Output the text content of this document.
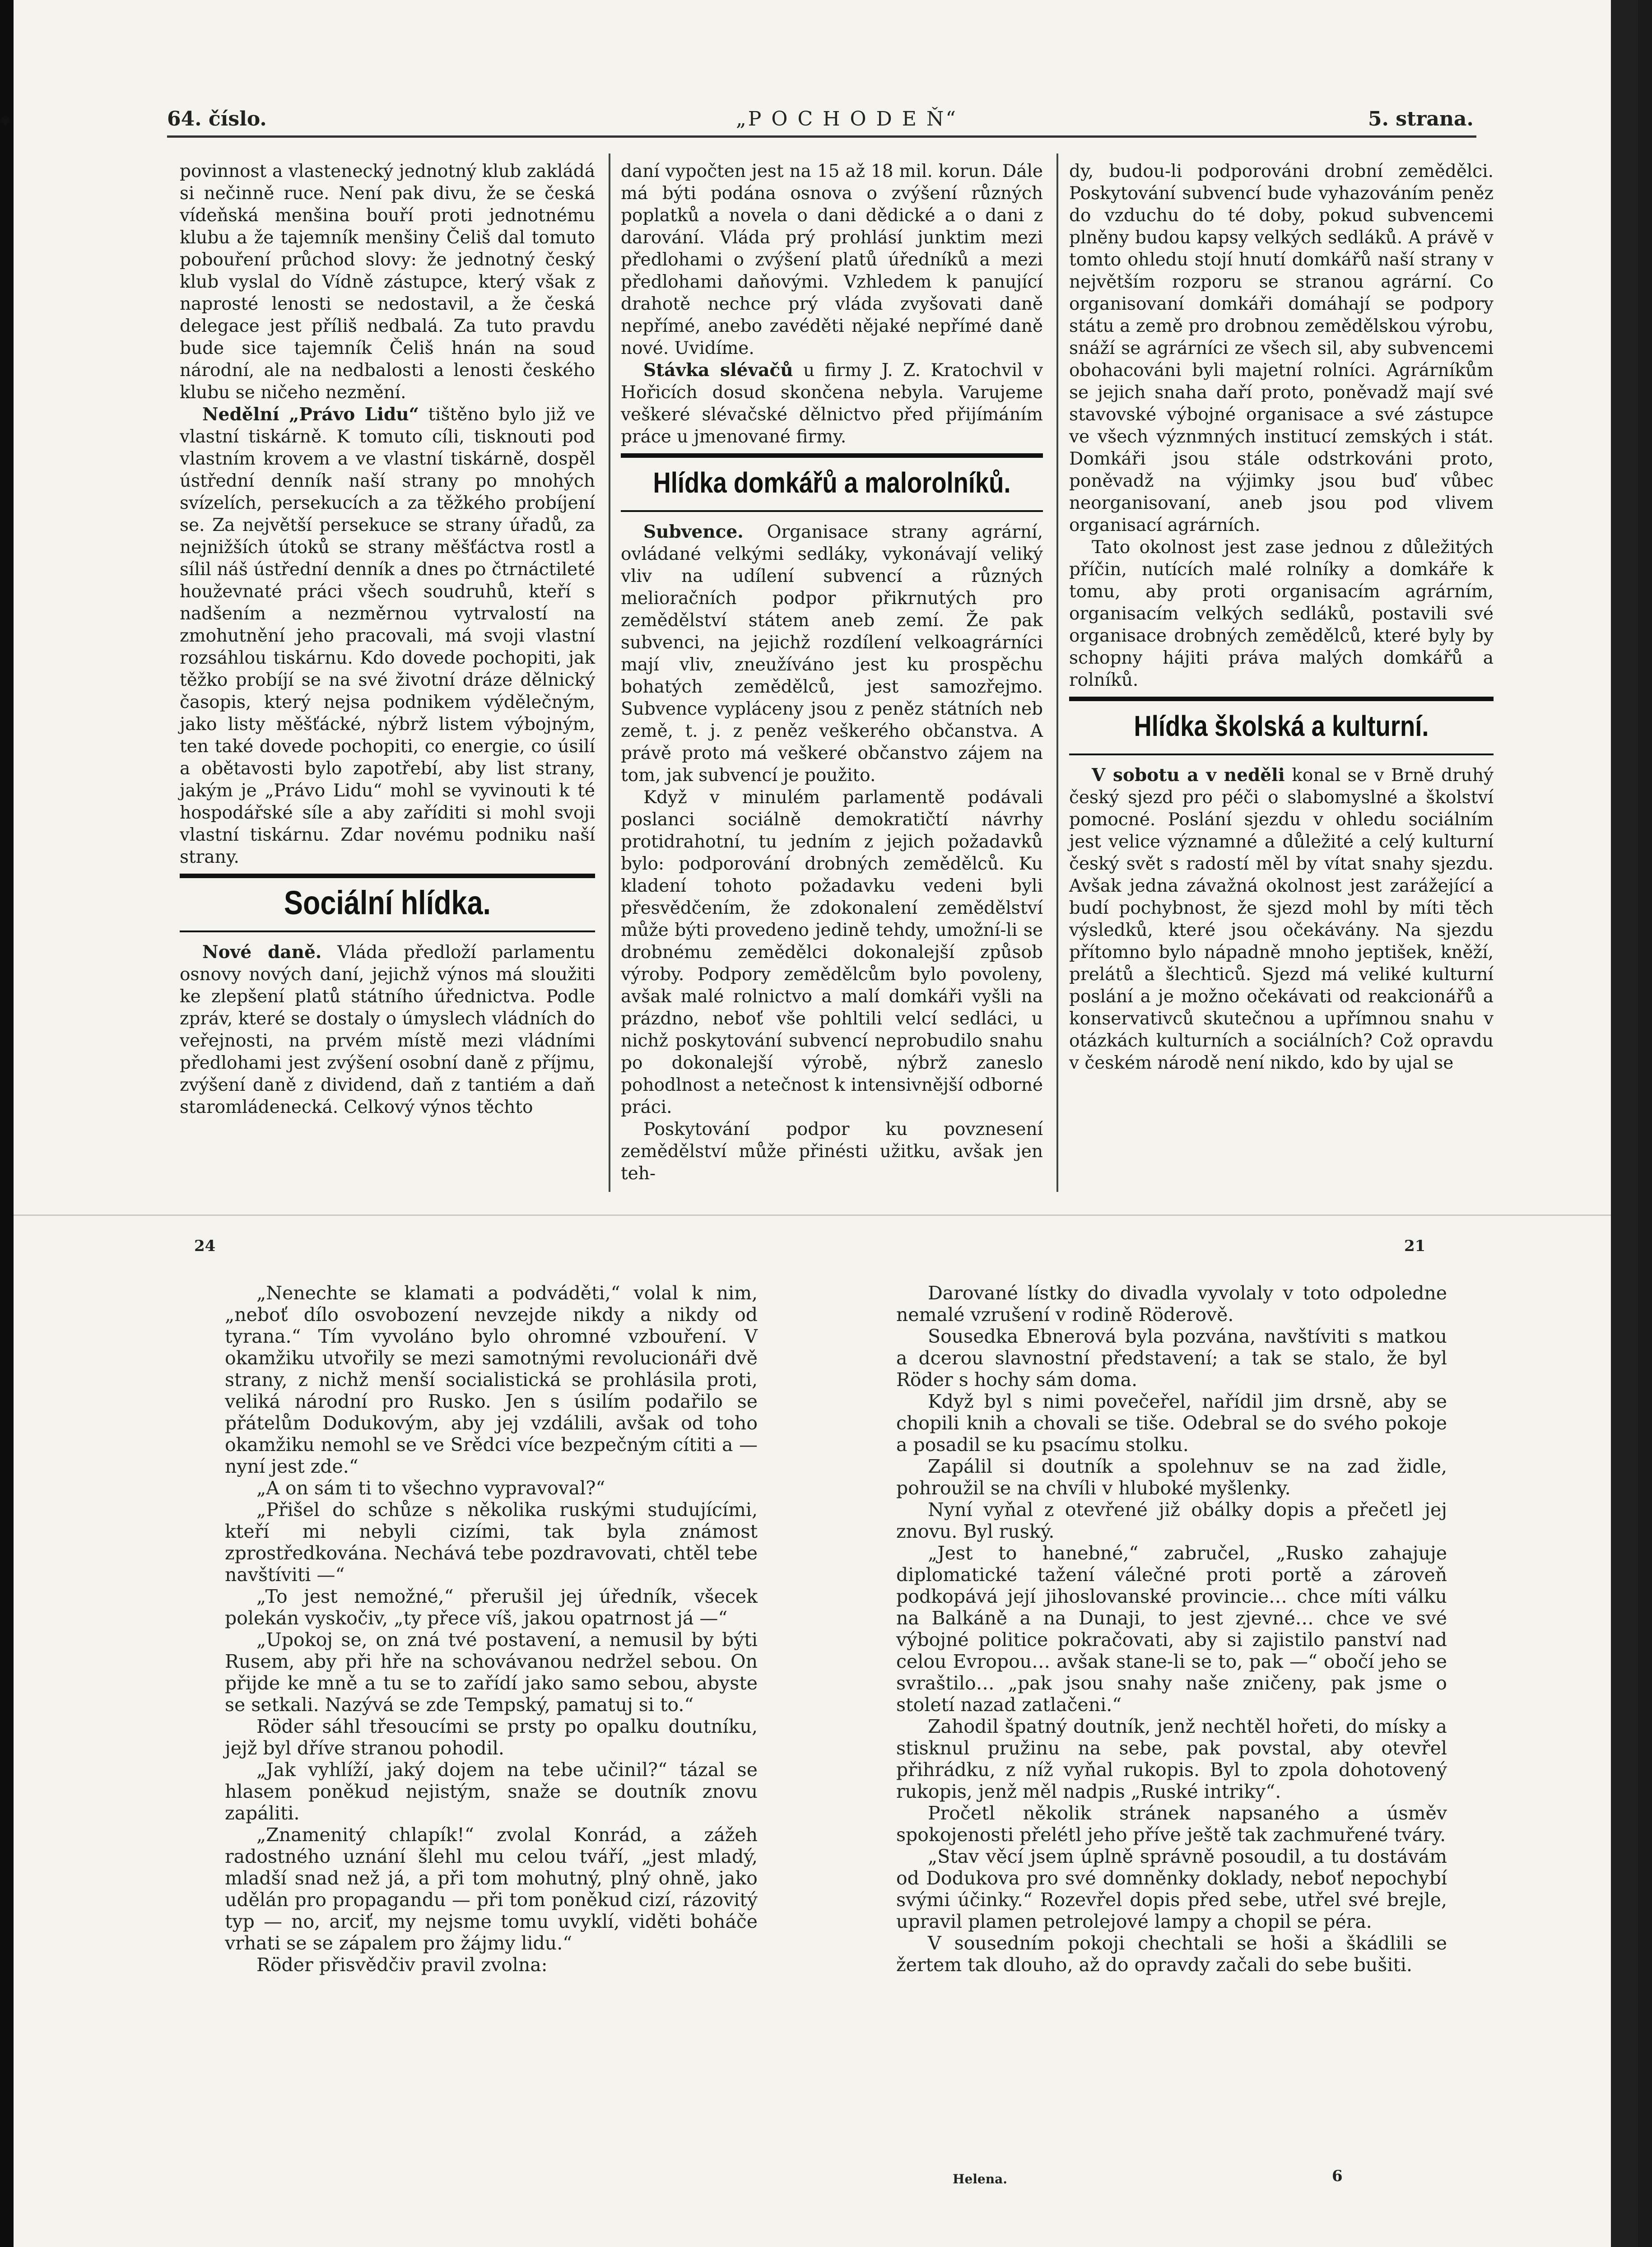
◆	64. číslo.	„P O C H O D E Ň“	5. strana.

povinnost a vlastenecký jednotný klub zakládá si nečinně ruce. Není pak divu, že se česká vídeňská menšina bouří proti jednotnému klubu a že tajemník menšiny Čeliš dal tomuto pobouření průchod slovy: že jednotný český klub vyslal do Vídně zástupce, který však z naprosté lenosti se nedostavil, a že česká delegace jest příliš nedbalá. Za tuto pravdu bude sice tajemník Čeliš hnán na soud národní, ale na nedbalosti a lenosti českého klubu se ničeho nezmění.

Nedělní „Právo Lidu“ tištěno bylo již ve vlastní tiskárně. K tomuto cíli, tisknouti pod vlastním krovem a ve vlastní tiskárně, dospěl ústřední denník naší strany po mnohých svízelích, persekucích a za těžkého probíjení se. Za největší persekuce se strany úřadů, za nejnižších útoků se strany měšťáctva rostl a sílil náš ústřední denník a dnes po čtrnáctileté houževnaté práci všech soudruhů, kteří s nadšením a nezměrnou vytrvalostí na zmohutnění jeho pracovali, má svoji vlastní rozsáhlou tiskárnu. Kdo dovede pochopiti, jak těžko probíjí se na své životní dráze dělnický časopis, který nejsa podnikem výdělečným, jako listy měšťácké, nýbrž listem výbojným, ten také dovede pochopiti, co energie, co úsilí a obětavosti bylo zapotřebí, aby list strany, jakým je „Právo Lidu“ mohl se vyvinouti k té hospodářské síle a aby zaříditi si mohl svoji vlastní tiskárnu. Zdar novému podniku naší strany.

Sociální hlídka.

Nové daně. Vláda předloží parlamentu osnovy nových daní, jejichž výnos má sloužiti ke zlepšení platů státního úřednictva. Podle zpráv, které se dostaly o úmyslech vládních do veřejnosti, na prvém místě mezi vládními předlohami jest zvýšení osobní daně z příjmu, zvýšení daně z dividend, daň z tantiém a daň staromládenecká. Celkový výnos těchto

daní vypočten jest na 15 až 18 mil. korun. Dále má býti podána osnova o zvýšení různých poplatků a novela o dani dědické a o dani z darování. Vláda prý prohlásí junktim mezi předlohami o zvýšení platů úředníků a mezi předlohami daňovými. Vzhledem k panující drahotě nechce prý vláda zvyšovati daně nepřímé, anebo zavéděti nějaké nepřímé daně nové. Uvidíme.

Stávka slévačů u firmy J. Z. Kratochvil v Hořicích dosud skončena nebyla. Varujeme veškeré slévačské dělnictvo před přijímáním práce u jmenované firmy.

Hlídka domkářů a malorolníků.

Subvence. Organisace strany agrární, ovládané velkými sedláky, vykonávají veliký vliv na udílení subvencí a různých melioračních podpor přikrnutých pro zemědělství státem aneb zemí. Že pak subvenci, na jejichž rozdílení velkoagrárníci mají vliv, zneužíváno jest ku prospěchu bohatých zemědělců, jest samozřejmo. Subvence vypláceny jsou z peněz státních neb země, t. j. z peněz veškerého občanstva. A právě proto má veškeré občanstvo zájem na tom, jak subvencí je použito.

Když v minulém parlamentě podávali poslanci sociálně demokratičtí návrhy protidrahotní, tu jedním z jejich požadavků bylo: podporování drobných zemědělců. Ku kladení tohoto požadavku vedeni byli přesvědčením, že zdokonalení zemědělství může býti provedeno jedině tehdy, umožní-li se drobnému zemědělci dokonalejší způsob výroby. Podpory zemědělcům bylo povoleny, avšak malé rolnictvo a malí domkáři vyšli na prázdno, neboť vše pohltili velcí sedláci, u nichž poskytování subvencí neprobudilo snahu po dokonalejší výrobě, nýbrž zaneslo pohodlnost a netečnost k intensivnější odborné práci.

Poskytování podpor ku povznesení zemědělství může přinésti užitku, avšak jen teh-

dy, budou-li podporováni drobní zemědělci. Poskytování subvencí bude vyhazováním peněz do vzduchu do té doby, pokud subvencemi plněny budou kapsy velkých sedláků. A právě v tomto ohledu stojí hnutí domkářů naší strany v největším rozporu se stranou agrární. Co organisovaní domkáři domáhají se podpory státu a země pro drobnou zemědělskou výrobu, snáží se agrárníci ze všech sil, aby subvencemi obohacováni byli majetní rolníci. Agrárníkům se jejich snaha daří proto, poněvadž mají své stavovské výbojné organisace a své zástupce ve všech význmných institucí zemských i stát. Domkáři jsou stále odstrkováni proto, poněvadž na výjimky jsou buď vůbec neorganisovaní, aneb jsou pod vlivem organisací agrárních.

Tato okolnost jest zase jednou z důležitých příčin, nutících malé rolníky a domkáře k tomu, aby proti organisacím agrárním, organisacím velkých sedláků, postavili své organisace drobných zemědělců, které byly by schopny hájiti práva malých domkářů a rolníků.

Hlídka školská a kulturní.

V sobotu a v neděli konal se v Brně druhý český sjezd pro péči o slabomyslné a školství pomocné. Poslání sjezdu v ohledu sociálním jest velice významné a důležité a celý kulturní český svět s radostí měl by vítat snahy sjezdu. Avšak jedna závažná okolnost jest zarážející a budí pochybnost, že sjezd mohl by míti těch výsledků, které jsou očekávány. Na sjezdu přítomno bylo nápadně mnoho jeptišek, kněží, prelátů a šlechticů. Sjezd má veliké kulturní poslání a je možno očekávati od reakcionářů a konservativců skutečnou a upřímnou snahu v otázkách kulturních a sociálních? Což opravdu v českém národě není nikdo, kdo by ujal se

24

„Nenechte se klamati a podváděti,“ volal k nim, „neboť dílo osvobození nevzejde nikdy a nikdy od tyrana.“ Tím vyvoláno bylo ohromné vzbouření. V okamžiku utvořily se mezi samotnými revolucionáři dvě strany, z nichž menší socialistická se prohlásila proti, veliká národní pro Rusko. Jen s úsilím podařilo se přátelům Dodukovým, aby jej vzdálili, avšak od toho okamžiku nemohl se ve Srědci více bezpečným cítiti a — nyní jest zde.“

„A on sám ti to všechno vypravoval?“

„Přišel do schůze s několika ruskými studujícími, kteří mi nebyli cizími, tak byla známost zprostředkována. Nechává tebe pozdravovati, chtěl tebe navštíviti —“

„To jest nemožné,“ přerušil jej úředník, všecek polekán vyskočiv, „ty přece víš, jakou opatrnost já —“

„Upokoj se, on zná tvé postavení, a nemusil by býti Rusem, aby při hře na schovávanou nedržel sebou. On přijde ke mně a tu se to zařídí jako samo sebou, abyste se setkali. Nazývá se zde Tempský, pamatuj si to.“

Röder sáhl třesoucími se prsty po opalku doutníku, jejž byl dříve stranou pohodil.

„Jak vyhlíží, jaký dojem na tebe učinil?“ tázal se hlasem poněkud nejistým, snaže se doutník znovu zapáliti.

„Znamenitý chlapík!“ zvolal Konrád, a zážeh radostného uznání šlehl mu celou tváří, „jest mladý, mladší snad než já, a při tom mohutný, plný ohně, jako udělán pro propagandu — při tom poněkud cizí, rázovitý typ — no, arciť, my nejsme tomu uvyklí, viděti boháče vrhati se se zápalem pro žájmy lidu.“

Röder přisvědčiv pravil zvolna:

21

Darované lístky do divadla vyvolaly v toto odpoledne nemalé vzrušení v rodině Röderově.

Sousedka Ebnerová byla pozvána, navštíviti s matkou a dcerou slavnostní představení; a tak se stalo, že byl Röder s hochy sám doma.

Když byl s nimi povečeřel, nařídil jim drsně, aby se chopili knih a chovali se tiše. Odebral se do svého pokoje a posadil se ku psacímu stolku.

Zapálil si doutník a spolehnuv se na zad židle, pohroužil se na chvíli v hluboké myšlenky.

Nyní vyňal z otevřené již obálky dopis a přečetl jej znovu. Byl ruský.

„Jest to hanebné,“ zabručel, „Rusko zahajuje diplomatické tažení válečné proti portě a zároveň podkopává její jihoslovanské provincie… chce míti válku na Balkáně a na Dunaji, to jest zjevné… chce ve své výbojné politice pokračovati, aby si zajistilo panství nad celou Evropou… avšak stane-li se to, pak —“ obočí jeho se svraštilo… „pak jsou snahy naše zničeny, pak jsme o století nazad zatlačeni.“

Zahodil špatný doutník, jenž nechtěl hořeti, do mísky a stisknul pružinu na sebe, pak povstal, aby otevřel přihrádku, z níž vyňal rukopis. Byl to zpola dohotovený rukopis, jenž měl nadpis „Ruské intriky“.

Pročetl několik stránek napsaného a úsměv spokojenosti přelétl jeho příve ještě tak zachmuřené tváry.

„Stav věcí jsem úplně správně posoudil, a tu dostávám od Dodukova pro své domněnky doklady, neboť nepochybí svými účinky.“ Rozevřel dopis před sebe, utřel své brejle, upravil plamen petrolejové lampy a chopil se péra.

V sousedním pokoji chechtali se hoši a škádlili se žertem tak dlouho, až do opravdy začali do sebe bušiti.

Helena.	6
